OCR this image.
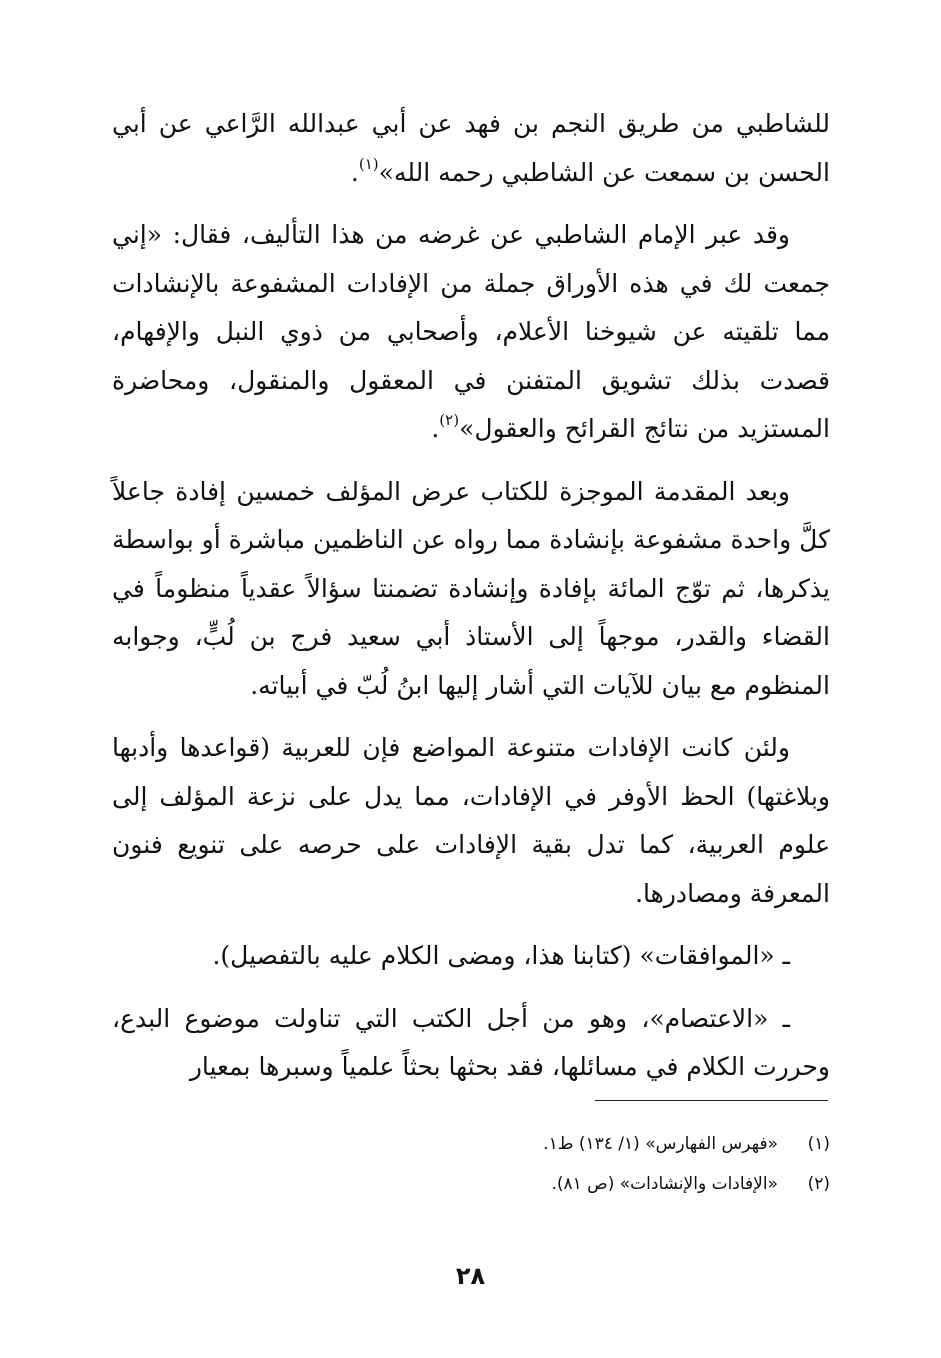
للشاطبي من طريق النجم بن فهد عن أبي عبدالله الرَّاعي عن أبي الحسن بن سمعت عن الشاطبي رحمه الله»$^{(١)}$.

وقد عبر الإمام الشاطبي عن غرضه من هذا التأليف، فقال: «إني جمعت لك في هذه الأوراق جملة من الإفادات المشفوعة بالإنشادات مما تلقيته عن شيوخنا الأعلام، وأصحابي من ذوي النبل والإفهام، قصدت بذلك تشويق المتفنن في المعقول والمنقول، ومحاضرة المستزيد من نتائج القرائح والعقول»$^{(٢)}$.

وبعد المقدمة الموجزة للكتاب عرض المؤلف خمسين إفادة جاعلاً كلَّ واحدة مشفوعة بإنشادة مما رواه عن الناظمين مباشرة أو بواسطة يذكرها، ثم توّج المائة بإفادة وإنشادة تضمنتا سؤالاً عقدياً منظوماً في القضاء والقدر، موجهاً إلى الأستاذ أبي سعيد فرج بن لُبٍّ، وجوابه المنظوم مع بيان للآيات التي أشار إليها ابنُ لُبّ في أبياته.

ولئن كانت الإفادات متنوعة المواضع فإن للعربية (قواعدها وأدبها وبلاغتها) الحظ الأوفر في الإفادات، مما يدل على نزعة المؤلف إلى علوم العربية، كما تدل بقية الإفادات على حرصه على تنويع فنون المعرفة ومصادرها.

ـ «الموافقات» (كتابنا هذا، ومضى الكلام عليه بالتفصيل).

ـ «الاعتصام»، وهو من أجل الكتب التي تناولت موضوع البدع، وحررت الكلام في مسائلها، فقد بحثها بحثاً علمياً وسبرها بمعيار

(١)
«فهرس الفهارس» (١/ ١٣٤) ط١.
(٢)
«الإفادات والإنشادات» (ص ٨١).
٢٨
